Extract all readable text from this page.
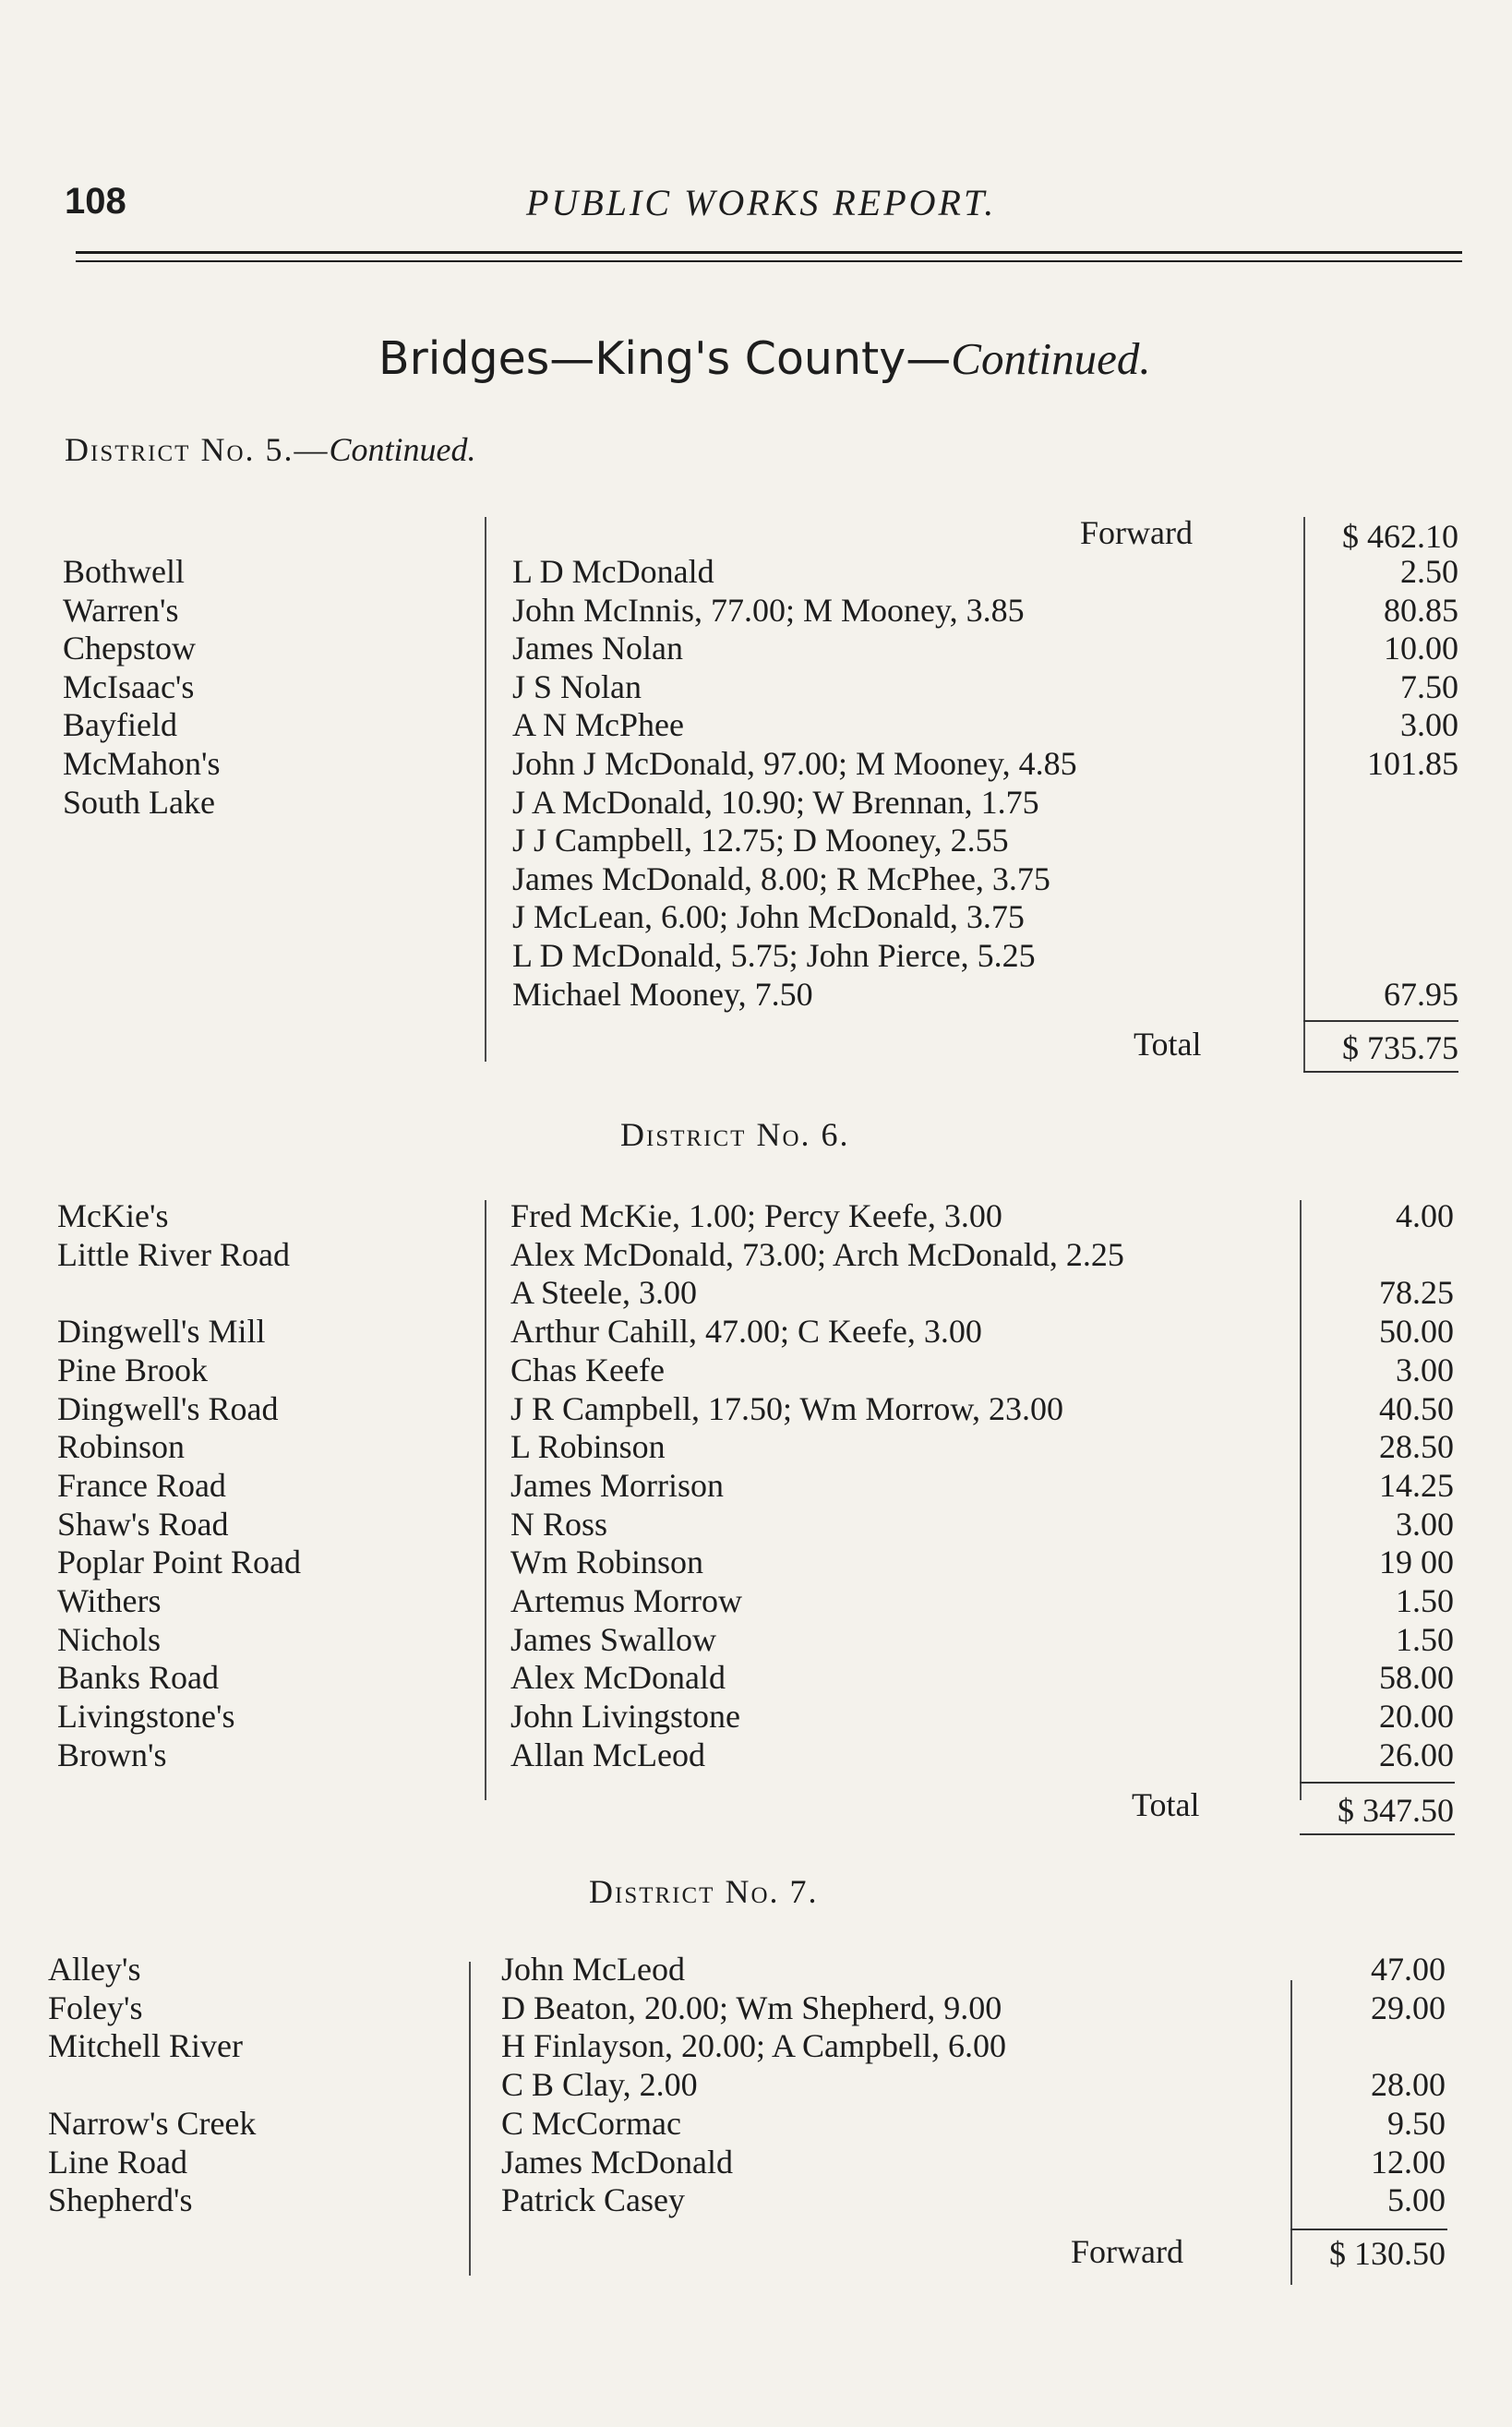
108	PUBLIC WORKS REPORT.
Bridges—King's County—Continued.
District No. 5.—Continued.
Forward	$ 462.10
Bothwell	L D McDonald	2.50
Warren's	John McInnis, 77.00; M Mooney, 3.85	80.85
Chepstow	James Nolan	10.00
McIsaac's	J S Nolan	7.50
Bayfield	A N McPhee	3.00
McMahon's	John J McDonald, 97.00; M Mooney, 4.85	101.85
South Lake	J A McDonald, 10.90; W Brennan, 1.75
J J Campbell, 12.75; D Mooney, 2.55
James McDonald, 8.00; R McPhee, 3.75
J McLean, 6.00; John McDonald, 3.75
L D McDonald, 5.75; John Pierce, 5.25
Michael Mooney, 7.50	67.95
Total	$ 735.75
District No. 6.
McKie's	Fred McKie, 1.00; Percy Keefe, 3.00	4.00
Little River Road	Alex McDonald, 73.00; Arch McDonald, 2.25
A Steele, 3.00	78.25
Dingwell's Mill	Arthur Cahill, 47.00; C Keefe, 3.00	50.00
Pine Brook	Chas Keefe	3.00
Dingwell's Road	J R Campbell, 17.50; Wm Morrow, 23.00	40.50
Robinson	L Robinson	28.50
France Road	James Morrison	14.25
Shaw's Road	N Ross	3.00
Poplar Point Road	Wm Robinson	19 00
Withers	Artemus Morrow	1.50
Nichols	James Swallow	1.50
Banks Road	Alex McDonald	58.00
Livingstone's	John Livingstone	20.00
Brown's	Allan McLeod	26.00
Total	$ 347.50
District No. 7.
Alley's	John McLeod	47.00
Foley's	D Beaton, 20.00; Wm Shepherd, 9.00	29.00
Mitchell River	H Finlayson, 20.00; A Campbell, 6.00
C B Clay, 2.00	28.00
Narrow's Creek	C McCormac	9.50
Line Road	James McDonald	12.00
Shepherd's	Patrick Casey	5.00
Forward	$ 130.50
